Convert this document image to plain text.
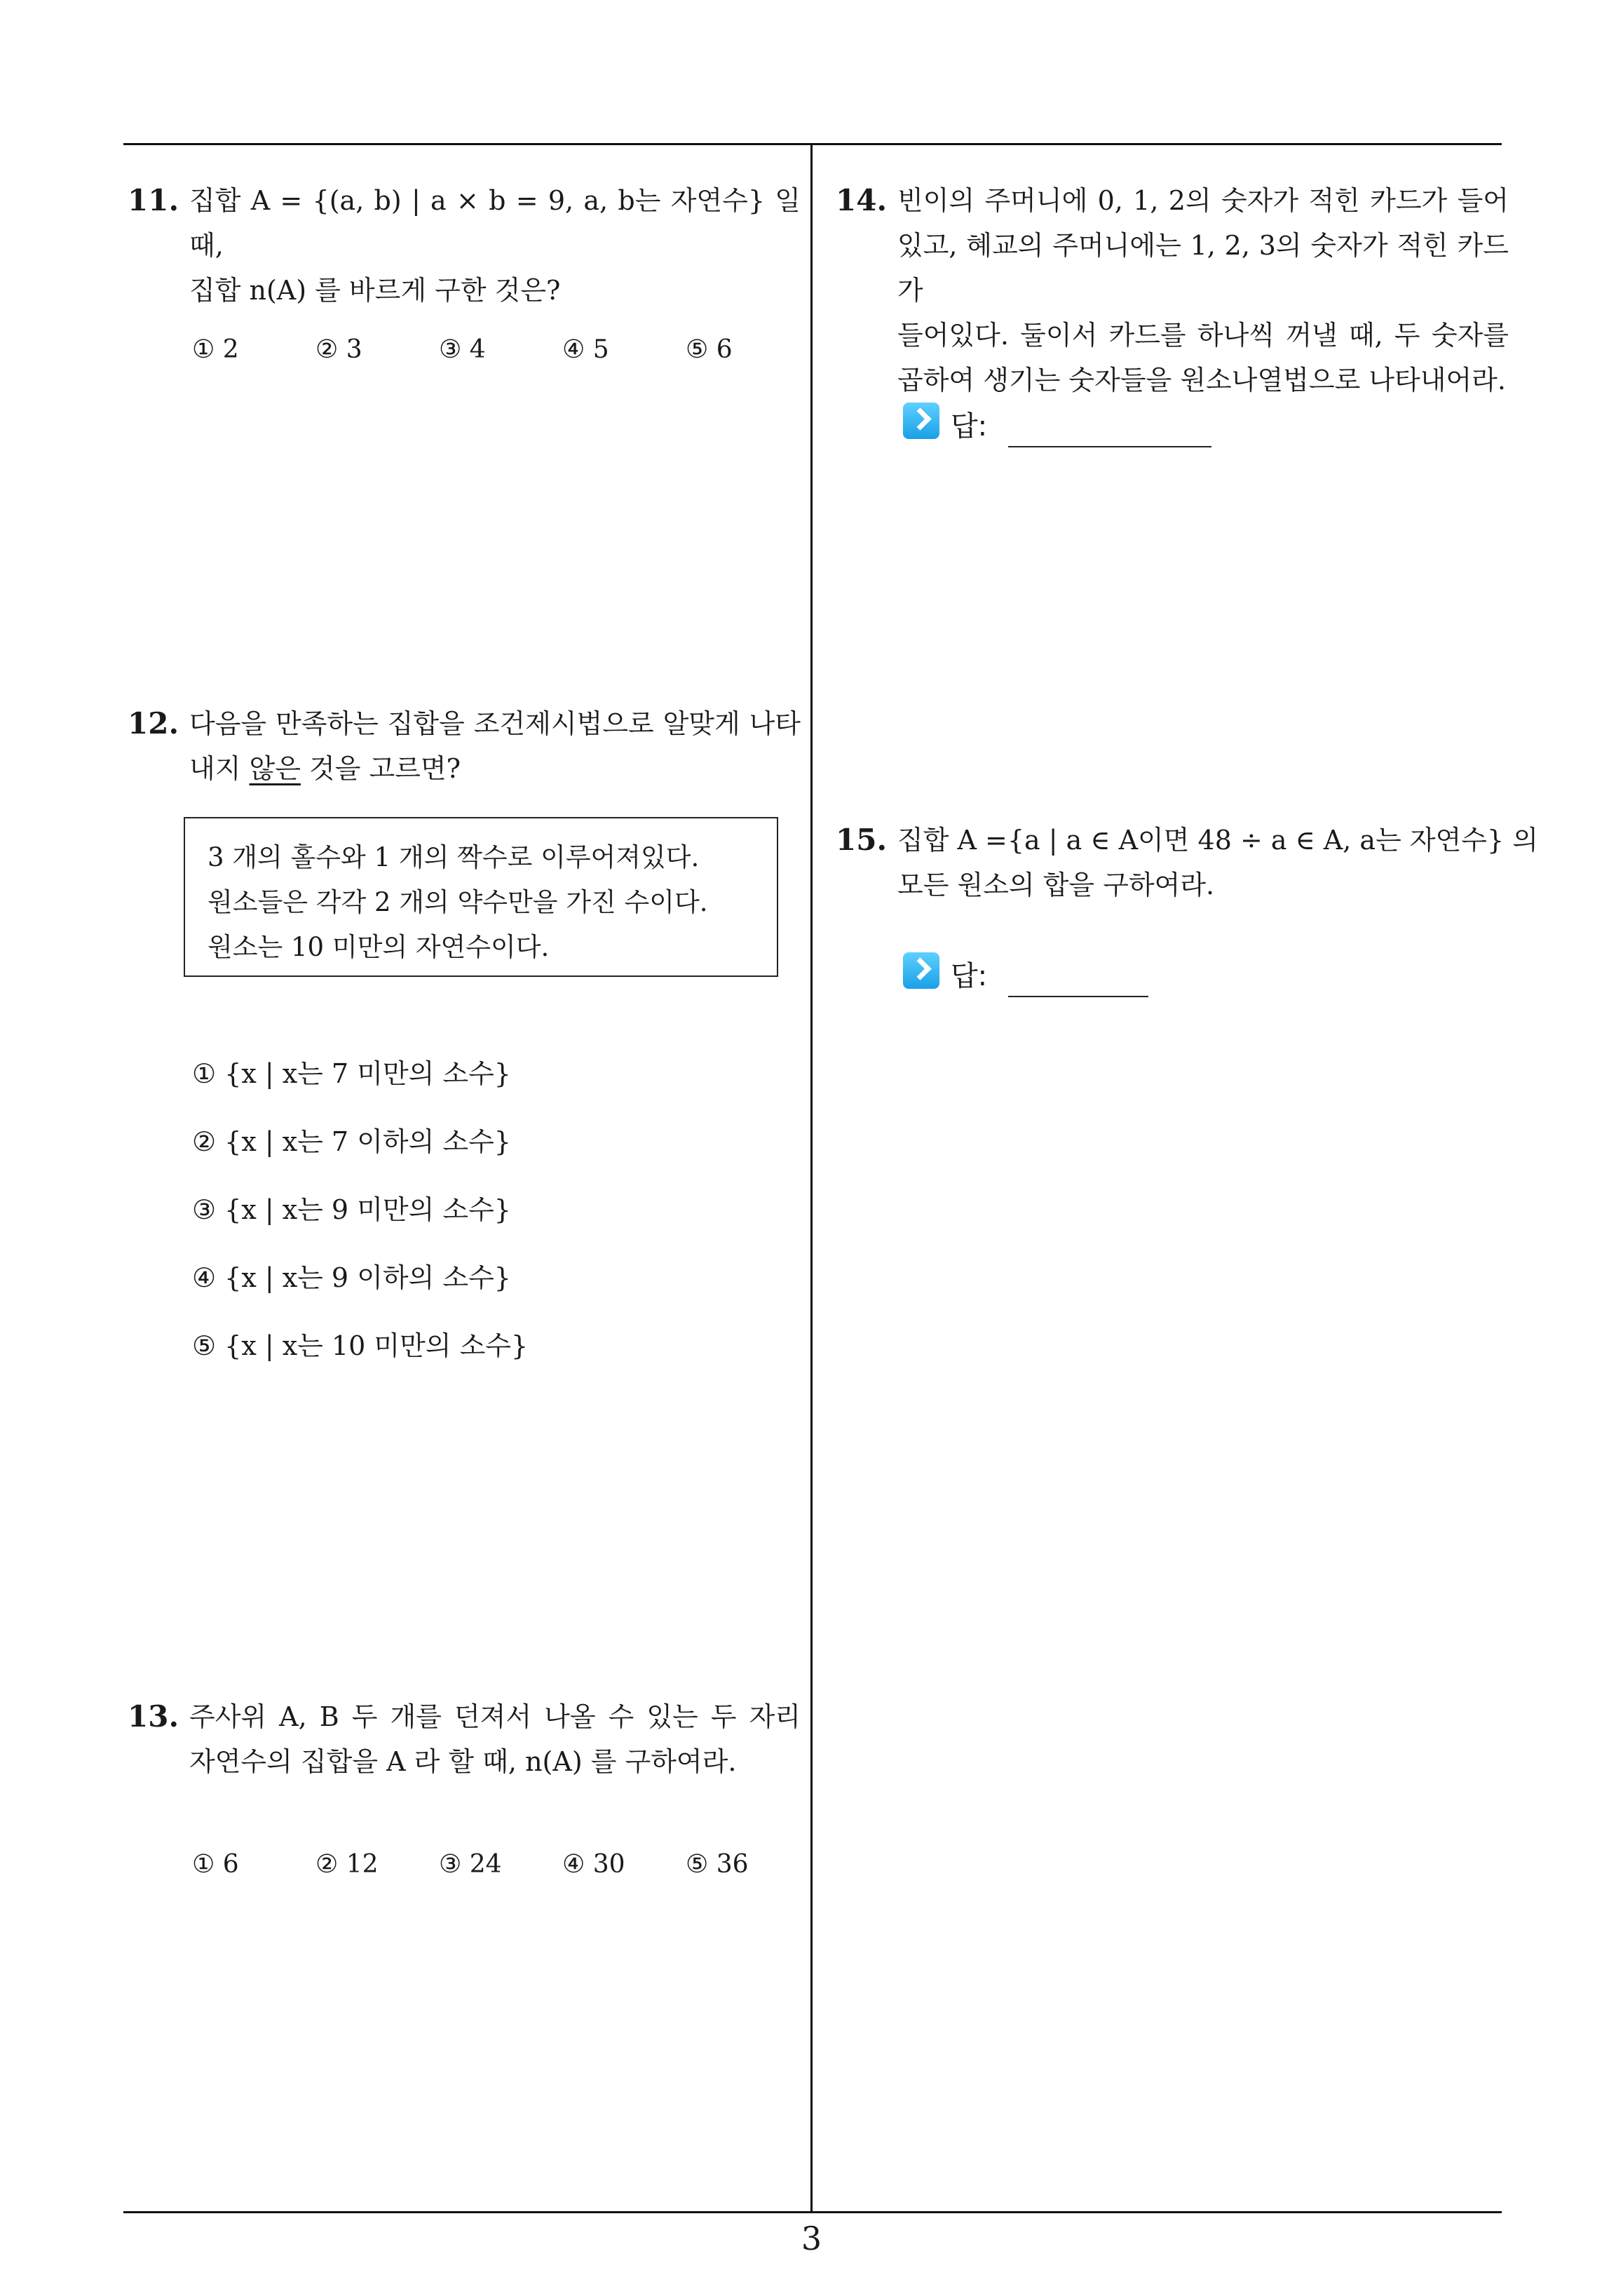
11. 집합 A = {(a, b) | a × b = 9, a, b는 자연수} 일 때,
집합 n(A) 를 바르게 구한 것은?
① 2	② 3	③ 4	④ 5	⑤ 6
12. 다음을 만족하는 집합을 조건제시법으로 알맞게 나타
내지 않은 것을 고르면?
3 개의 홀수와 1 개의 짝수로 이루어져있다.
원소들은 각각 2 개의 약수만을 가진 수이다.
원소는 10 미만의 자연수이다.
① {x | x는 7 미만의 소수}
② {x | x는 7 이하의 소수}
③ {x | x는 9 미만의 소수}
④ {x | x는 9 이하의 소수}
⑤ {x | x는 10 미만의 소수}
13. 주사위 A, B 두 개를 던져서 나올 수 있는 두 자리
자연수의 집합을 A 라 할 때, n(A) 를 구하여라.
① 6	② 12 ③ 24 ④ 30 ⑤ 36
14. 빈이의 주머니에 0, 1, 2의 숫자가 적힌 카드가 들어
있고, 혜교의 주머니에는 1, 2, 3의 숫자가 적힌 카드가
들어있다. 둘이서 카드를 하나씩 꺼낼 때, 두 숫자를
곱하여 생기는 숫자들을 원소나열법으로 나타내어라.
답:
15. 집합 A ={a | a ∈ A이면 48 ÷ a ∈ A, a는 자연수} 의
모든 원소의 합을 구하여라.
답:
3
